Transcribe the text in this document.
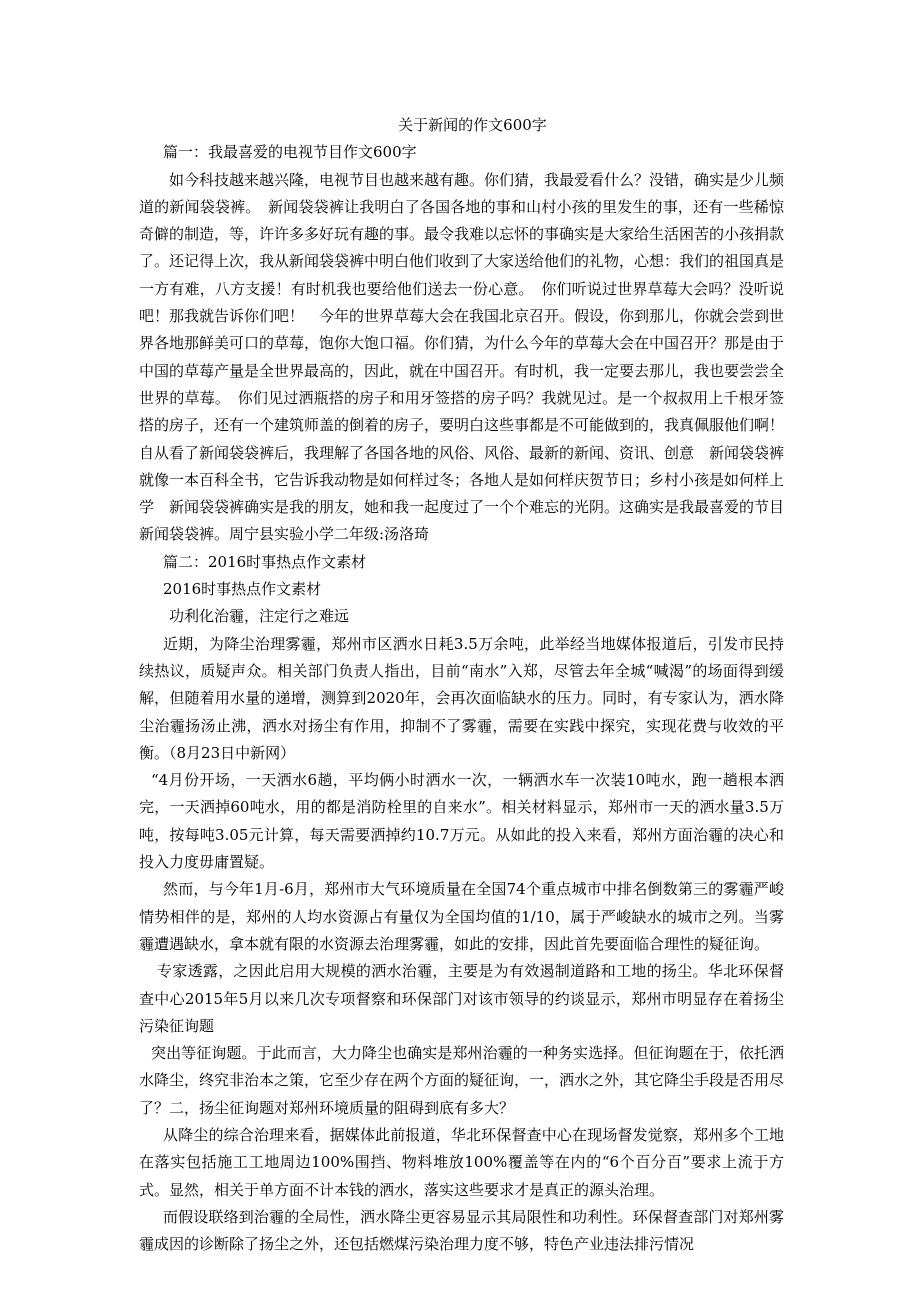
关于新闻的作文600字

篇一：我最喜爱的电视节目作文600字

如今科技越来越兴隆，电视节目也越来越有趣。你们猜，我最爱看什么？没错，确实是少儿频道的新闻袋袋裤。　新闻袋袋裤让我明白了各国各地的事和山村小孩的里发生的事，还有一些稀惊奇僻的制造，等，许许多多好玩有趣的事。最令我难以忘怀的事确实是大家给生活困苦的小孩捐款了。还记得上次，我从新闻袋袋裤中明白他们收到了大家送给他们的礼物，心想：我们的祖国真是一方有难，八方支援！有时机我也要给他们送去一份心意。　你们听说过世界草莓大会吗？没听说吧！那我就告诉你们吧！　今年的世界草莓大会在我国北京召开。假设，你到那儿，你就会尝到世界各地那鲜美可口的草莓，饱你大饱口福。你们猜，为什么今年的草莓大会在中国召开？那是由于中国的草莓产量是全世界最高的，因此，就在中国召开。有时机，我一定要去那儿，我也要尝尝全世界的草莓。　你们见过洒瓶搭的房子和用牙签搭的房子吗？我就见过。是一个叔叔用上千根牙签搭的房子，还有一个建筑师盖的倒着的房子，要明白这些事都是不可能做到的，我真佩服他们啊！　自从看了新闻袋袋裤后，我理解了各国各地的风俗、风俗、最新的新闻、资讯、创意　新闻袋袋裤就像一本百科全书，它告诉我动物是如何样过冬；各地人是如何样庆贺节日；乡村小孩是如何样上学　新闻袋袋裤确实是我的朋友，她和我一起度过了一个个难忘的光阴。这确实是我最喜爱的节目新闻袋袋裤。周宁县实验小学二年级:汤洛琦

篇二：2016时事热点作文素材

2016时事热点作文素材

功利化治霾，注定行之难远

近期，为降尘治理雾霾，郑州市区洒水日耗3.5万余吨，此举经当地媒体报道后，引发市民持续热议，质疑声众。相关部门负责人指出，目前“南水”入郑，尽管去年全城“喊渴”的场面得到缓解，但随着用水量的递增，测算到2020年，会再次面临缺水的压力。同时，有专家认为，洒水降尘治霾扬汤止沸，洒水对扬尘有作用，抑制不了雾霾，需要在实践中探究，实现花费与收效的平衡。（8月23日中新网）

“4月份开场，一天洒水6趟，平均俩小时洒水一次，一辆洒水车一次装10吨水，跑一趟根本洒完，一天洒掉60吨水，用的都是消防栓里的自来水”。相关材料显示，郑州市一天的洒水量3.5万吨，按每吨3.05元计算，每天需要洒掉约10.7万元。从如此的投入来看，郑州方面治霾的决心和投入力度毋庸置疑。

然而，与今年1月-6月，郑州市大气环境质量在全国74个重点城市中排名倒数第三的雾霾严峻情势相伴的是，郑州的人均水资源占有量仅为全国均值的1/10，属于严峻缺水的城市之列。当雾霾遭遇缺水，拿本就有限的水资源去治理雾霾，如此的安排，因此首先要面临合理性的疑征询。

专家透露，之因此启用大规模的洒水治霾，主要是为有效遏制道路和工地的扬尘。华北环保督查中心2015年5月以来几次专项督察和环保部门对该市领导的约谈显示，郑州市明显存在着扬尘污染征询题

突出等征询题。于此而言，大力降尘也确实是郑州治霾的一种务实选择。但征询题在于，依托洒水降尘，终究非治本之策，它至少存在两个方面的疑征询，一，洒水之外，其它降尘手段是否用尽了？二，扬尘征询题对郑州环境质量的阻碍到底有多大？

从降尘的综合治理来看，据媒体此前报道，华北环保督查中心在现场督发觉察，郑州多个工地在落实包括施工工地周边100%围挡、物料堆放100%覆盖等在内的“6个百分百”要求上流于方式。显然，相关于单方面不计本钱的洒水，落实这些要求才是真正的源头治理。

而假设联络到治霾的全局性，洒水降尘更容易显示其局限性和功利性。环保督查部门对郑州雾霾成因的诊断除了扬尘之外，还包括燃煤污染治理力度不够，特色产业违法排污情况
